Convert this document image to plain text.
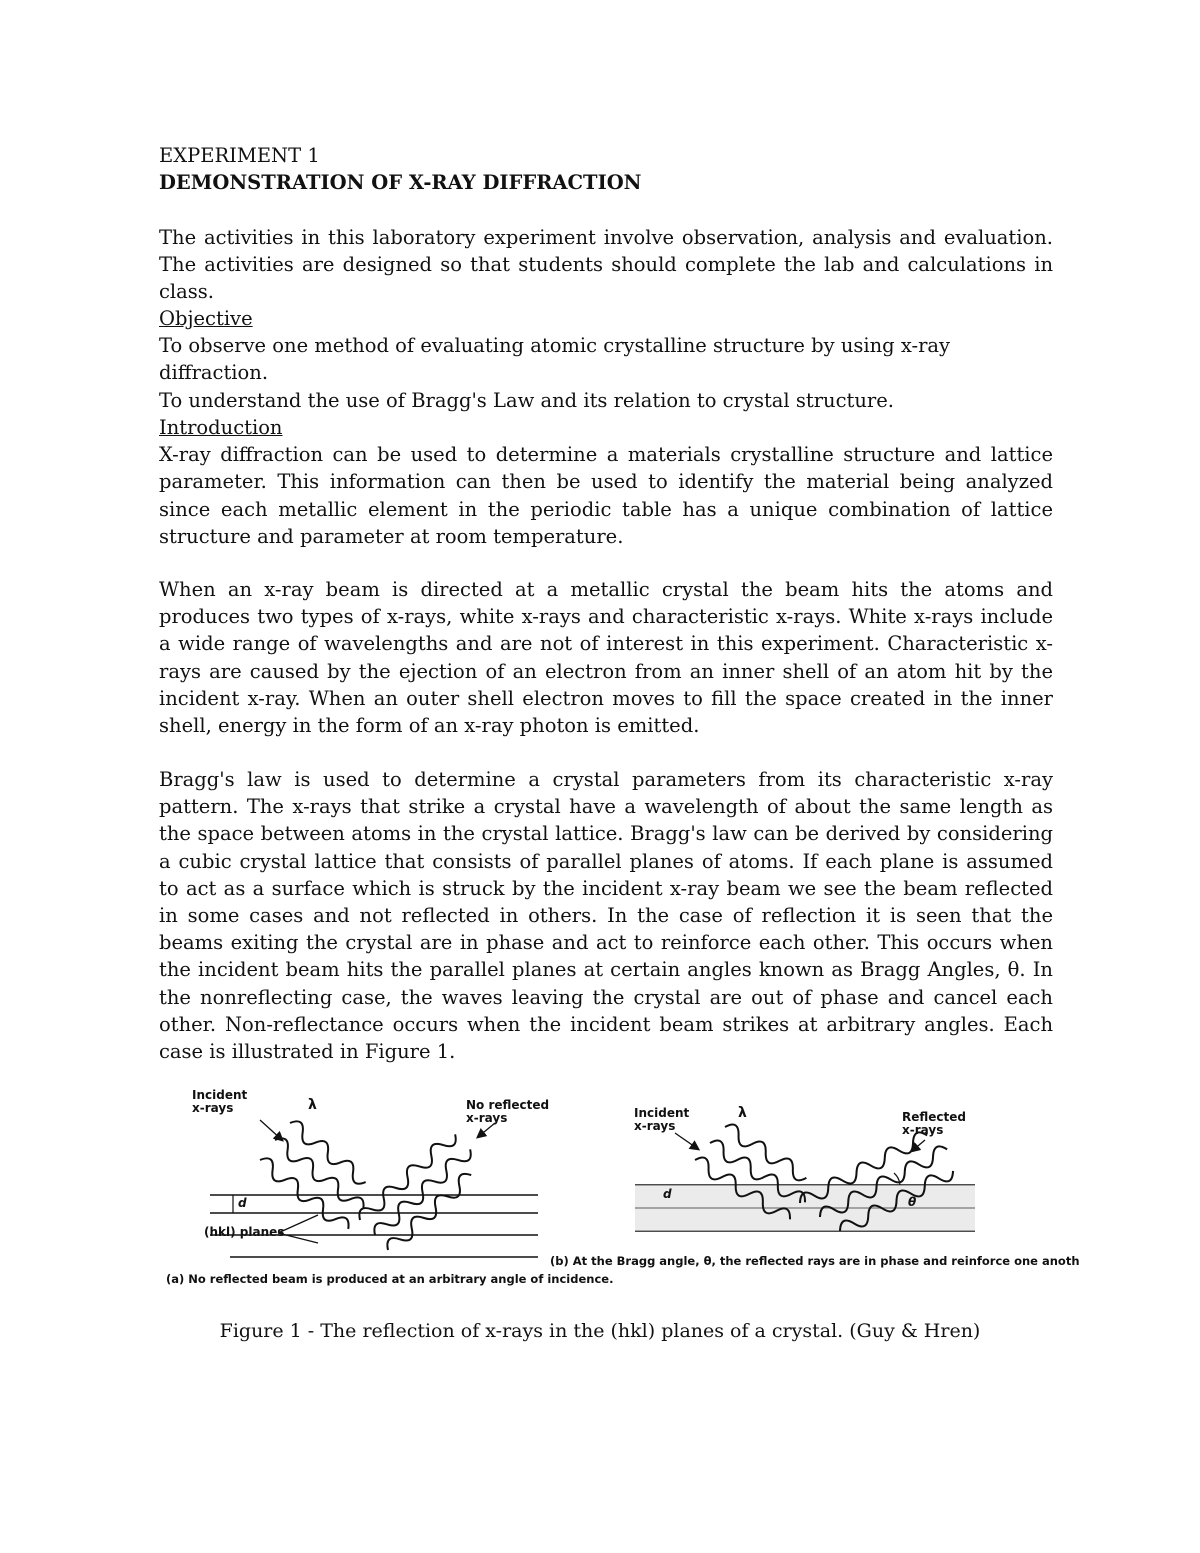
EXPERIMENT 1
DEMONSTRATION OF X-RAY DIFFRACTION

The activities in this laboratory experiment involve observation, analysis and evaluation. The activities are designed so that students should complete the lab and calculations in class.

Objective
To observe one method of evaluating atomic crystalline structure by using x-ray diffraction.
To understand the use of Bragg's Law and its relation to crystal structure.
Introduction

X-ray diffraction can be used to determine a materials crystalline structure and lattice parameter. This information can then be used to identify the material being analyzed since each metallic element in the periodic table has a unique combination of lattice structure and parameter at room temperature.

When an x-ray beam is directed at a metallic crystal the beam hits the atoms and produces two types of x-rays, white x-rays and characteristic x-rays. White x-rays include a wide range of wavelengths and are not of interest in this experiment. Characteristic x-rays are caused by the ejection of an electron from an inner shell of an atom hit by the incident x-ray. When an outer shell electron moves to fill the space created in the inner shell, energy in the form of an x-ray photon is emitted.

Bragg's law is used to determine a crystal parameters from its characteristic x-ray pattern. The x-rays that strike a crystal have a wavelength of about the same length as the space between atoms in the crystal lattice. Bragg's law can be derived by considering a cubic crystal lattice that consists of parallel planes of atoms. If each plane is assumed to act as a surface which is struck by the incident x-ray beam we see the beam reflected in some cases and not reflected in others. In the case of reflection it is seen that the beams exiting the crystal are in phase and act to reinforce each other. This occurs when the incident beam hits the parallel planes at certain angles known as Bragg Angles, θ. In the nonreflecting case, the waves leaving the crystal are out of phase and cancel each other. Non-reflectance occurs when the incident beam strikes at arbitrary angles. Each case is illustrated in Figure 1.

Incident
x-rays	λ	No reflected
x-rays
d
(hkl) planes
(a) No reflected beam is produced at an arbitrary angle of incidence.
Incident
x-rays
λ	Reflected
x-rays
d
θ
(b) At the Bragg angle, θ, the reflected rays are in phase and reinforce one anoth
Figure 1 - The reflection of x-rays in the (hkl) planes of a crystal. (Guy & Hren)
